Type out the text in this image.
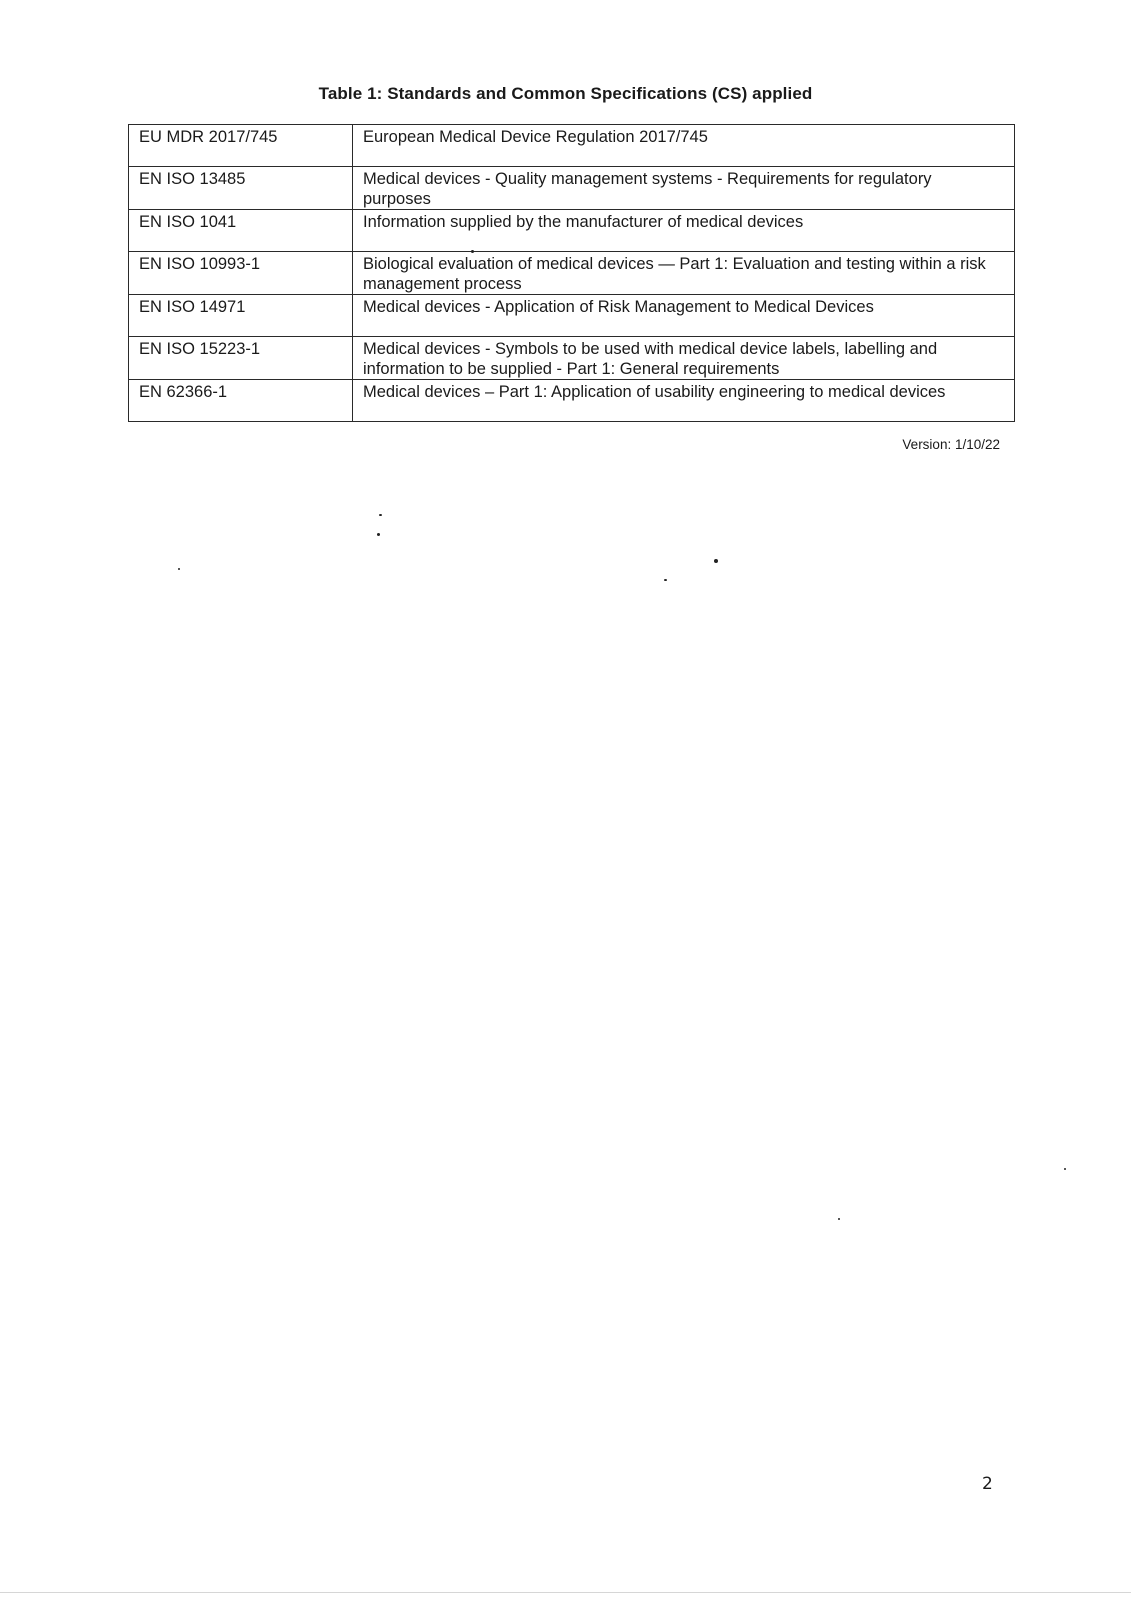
Table 1: Standards and Common Specifications (CS) applied
EU MDR 2017/745	European Medical Device Regulation 2017/745
EN ISO 13485	Medical devices - Quality management systems - Requirements for regulatory purposes
EN ISO 1041	Information supplied by the manufacturer of medical devices
EN ISO 10993-1	Biological evaluation of medical devices — Part 1: Evaluation and testing within a risk management process
EN ISO 14971	Medical devices - Application of Risk Management to Medical Devices
EN ISO 15223-1	Medical devices - Symbols to be used with medical device labels, labelling and information to be supplied - Part 1: General requirements
EN 62366-1	Medical devices – Part 1: Application of usability engineering to medical devices
Version: 1/10/22
2
